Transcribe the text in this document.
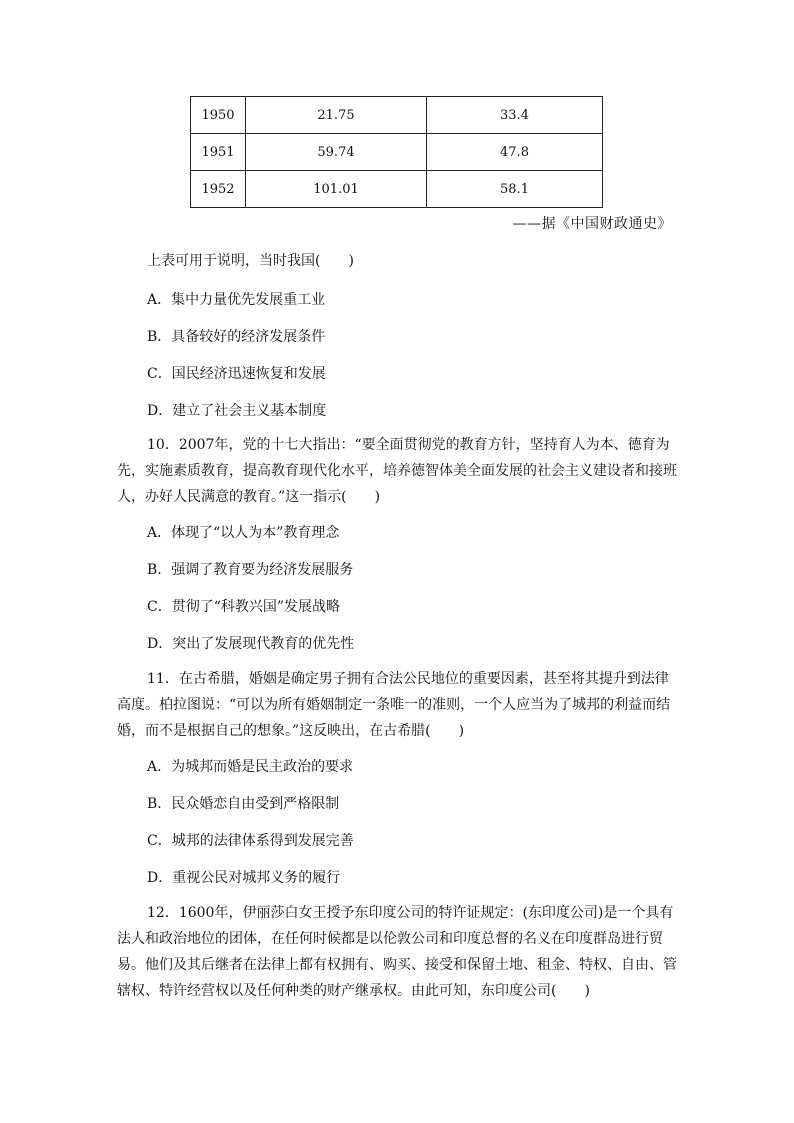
1950	21.75	33.4
1951	59.74	47.8
1952	101.01	58.1
——据《中国财政通史》
上表可用于说明，当时我国(　　)
A．集中力量优先发展重工业
B．具备较好的经济发展条件
C．国民经济迅速恢复和发展
D．建立了社会主义基本制度
10．2007年，党的十七大指出：“要全面贯彻党的教育方针，坚持育人为本、德育为先，实施素质教育，提高教育现代化水平，培养德智体美全面发展的社会主义建设者和接班人，办好人民满意的教育。”这一指示(　　)
A．体现了“以人为本”教育理念
B．强调了教育要为经济发展服务
C．贯彻了“科教兴国”发展战略
D．突出了发展现代教育的优先性
11．在古希腊，婚姻是确定男子拥有合法公民地位的重要因素，甚至将其提升到法律高度。柏拉图说：“可以为所有婚姻制定一条唯一的准则，一个人应当为了城邦的利益而结婚，而不是根据自己的想象。”这反映出，在古希腊(　　)
A．为城邦而婚是民主政治的要求
B．民众婚恋自由受到严格限制
C．城邦的法律体系得到发展完善
D．重视公民对城邦义务的履行
12．1600年，伊丽莎白女王授予东印度公司的特许证规定：(东印度公司)是一个具有法人和政治地位的团体，在任何时候都是以伦敦公司和印度总督的名义在印度群岛进行贸易。他们及其后继者在法律上都有权拥有、购买、接受和保留土地、租金、特权、自由、管辖权、特许经营权以及任何种类的财产继承权。由此可知，东印度公司(　　)
